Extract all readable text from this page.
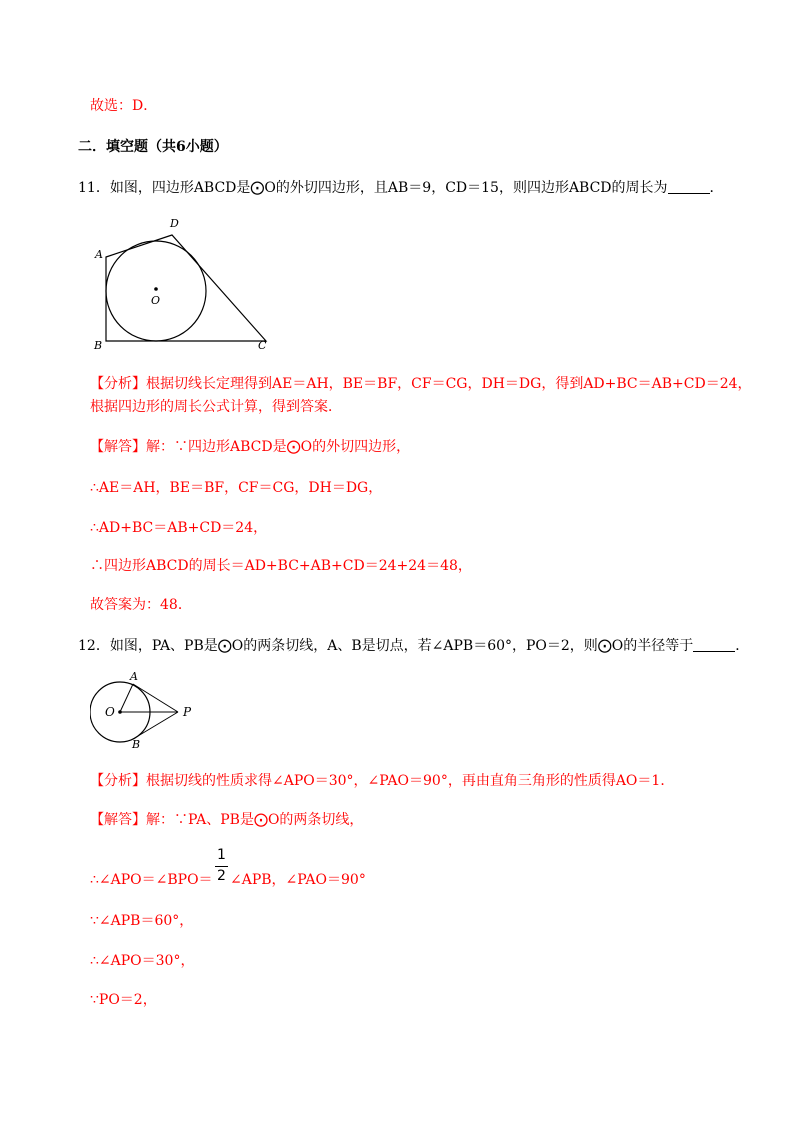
故选：D．
二．填空题（共6小题）
11．如图，四边形ABCD是⨀O的外切四边形，且AB＝9，CD＝15，则四边形ABCD的周长为	．
A
D
O
B	C
【分析】根据切线长定理得到AE＝AH，BE＝BF，CF＝CG，DH＝DG，得到AD+BC＝AB+CD＝24，
根据四边形的周长公式计算，得到答案．
【解答】解：∵四边形ABCD是⨀O的外切四边形，
∴AE＝AH，BE＝BF，CF＝CG，DH＝DG，
∴AD+BC＝AB+CD＝24，
∴四边形ABCD的周长＝AD+BC+AB+CD＝24+24＝48，
故答案为：48．
12．如图，PA、PB是⨀O的两条切线，A、B是切点，若∠APB＝60°，PO＝2，则⨀O的半径等于	．
A
O	P
B
【分析】根据切线的性质求得∠APO＝30°，∠PAO＝90°，再由直角三角形的性质得AO＝1．
【解答】解：∵PA、PB是⨀O的两条切线，
1
2
∴∠APO＝∠BPO＝ ∠APB，∠PAO＝90°
∵∠APB＝60°，
∴∠APO＝30°，
∵PO＝2，
